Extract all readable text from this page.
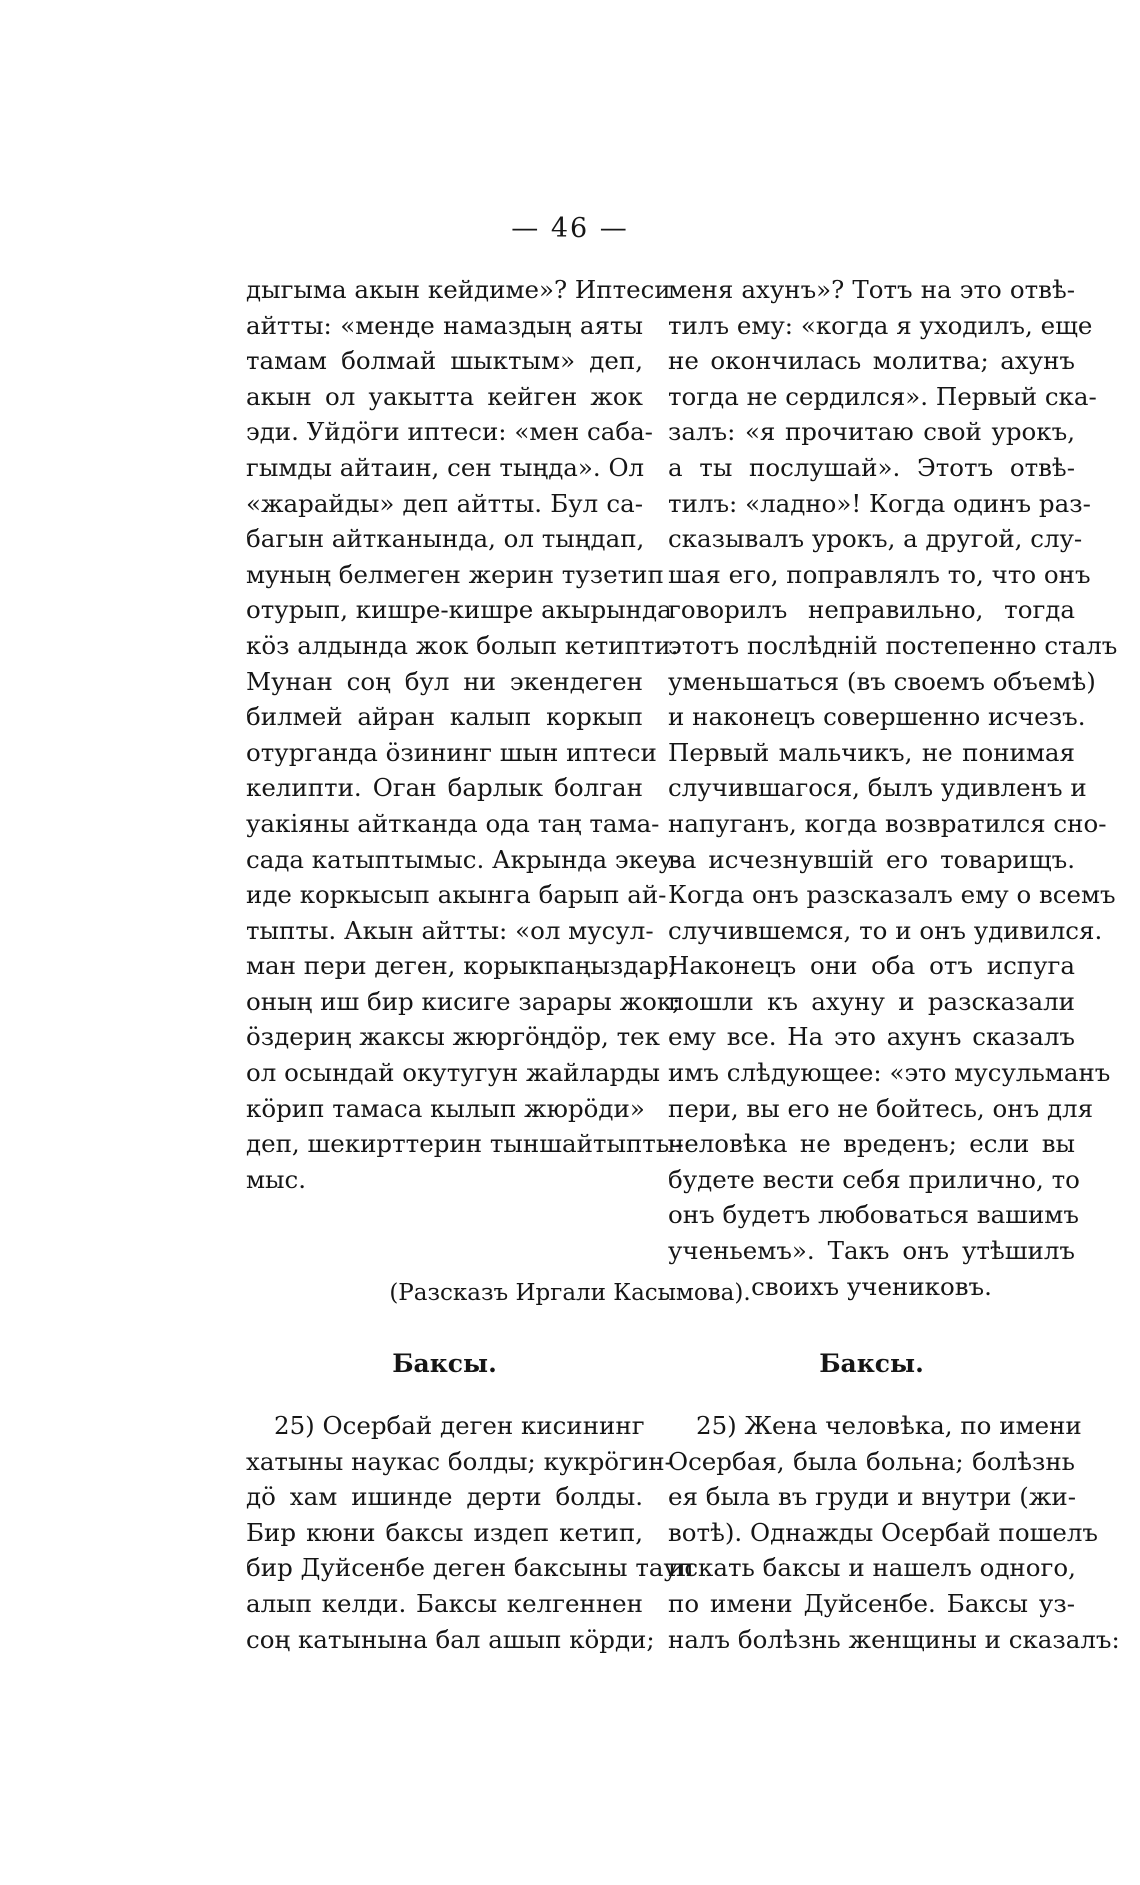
— 46 —
дыгыма акын кейдиме»? Иптеси
айтты: «менде намаздың аяты
тамам болмай шыктым» деп,
акын ол уакытта кейген жок
эди. Уйдöги иптеси: «мен саба-
гымды айтаин, сен тыңда». Ол
«жарайды» деп айтты. Бул са-
багын айтканында, ол тыңдап,
муның белмеген жерин тузетип
отурып, кишре-кишре акырында
кöз алдында жок болып кетипти.
Мунан соң бул ни экендеген
билмей айран калып коркып
отурганда öзининг шын иптеси
келипти. Оган барлык болган
уакіяны айтканда ода таң тама-
сада катыптымыс. Акрында экеу-
иде коркысып акынга барып ай-
тыпты. Акын айтты: «ол мусул-
ман пери деген, корыкпаңыздар;
оның иш бир кисиге зарары жок;
öздериң жаксы жюргöңдöр, тек
ол осындай окутугун жайларды
кöрип тамаса кылып жюрöди»
деп, шекирттерин тыншайтыпты-
мыс.
меня ахунъ»? Тотъ на это отвѣ-
тилъ ему: «когда я уходилъ, еще
не окончилась молитва; ахунъ
тогда не сердился». Первый ска-
залъ: «я прочитаю свой урокъ,
а ты послушай». Этотъ отвѣ-
тилъ: «ладно»! Когда одинъ раз-
сказывалъ урокъ, а другой, слу-
шая его, поправлялъ то, что онъ
говорилъ неправильно, тогда
этотъ послѣднiй постепенно сталъ
уменьшаться (въ своемъ объемѣ)
и наконецъ совершенно исчезъ.
Первый мальчикъ, не понимая
случившагося, былъ удивленъ и
напуганъ, когда возвратился сно-
ва исчезнувшiй его товарищъ.
Когда онъ разсказалъ ему о всемъ
случившемся, то и онъ удивился.
Наконецъ они оба отъ испуга
пошли къ ахуну и разсказали
ему все. На это ахунъ сказалъ
имъ слѣдующее: «это мусульманъ
пери, вы его не бойтесь, онъ для
человѣка не вреденъ; если вы
будете вести себя прилично, то
онъ будетъ любоваться вашимъ
ученьемъ». Такъ онъ утѣшилъ
своихъ учениковъ.
(Разсказъ Иргали Касымова).
Баксы.	Баксы.
25) Осербай деген кисининг
хатыны наукас болды; кукрöгин-
дö хам ишинде дерти болды.
Бир кюни баксы издеп кетип,
бир Дуйсенбе деген баксыны тауп
алып келди. Баксы келгеннен
соң катынына бал ашып кöрди;
25) Жена человѣка, по имени
Осербая, была больна; болѣзнь
ея была въ груди и внутри (жи-
вотѣ). Однажды Осербай пошелъ
искать баксы и нашелъ одного,
по имени Дуйсенбе. Баксы уз-
налъ болѣзнь женщины и сказалъ:
